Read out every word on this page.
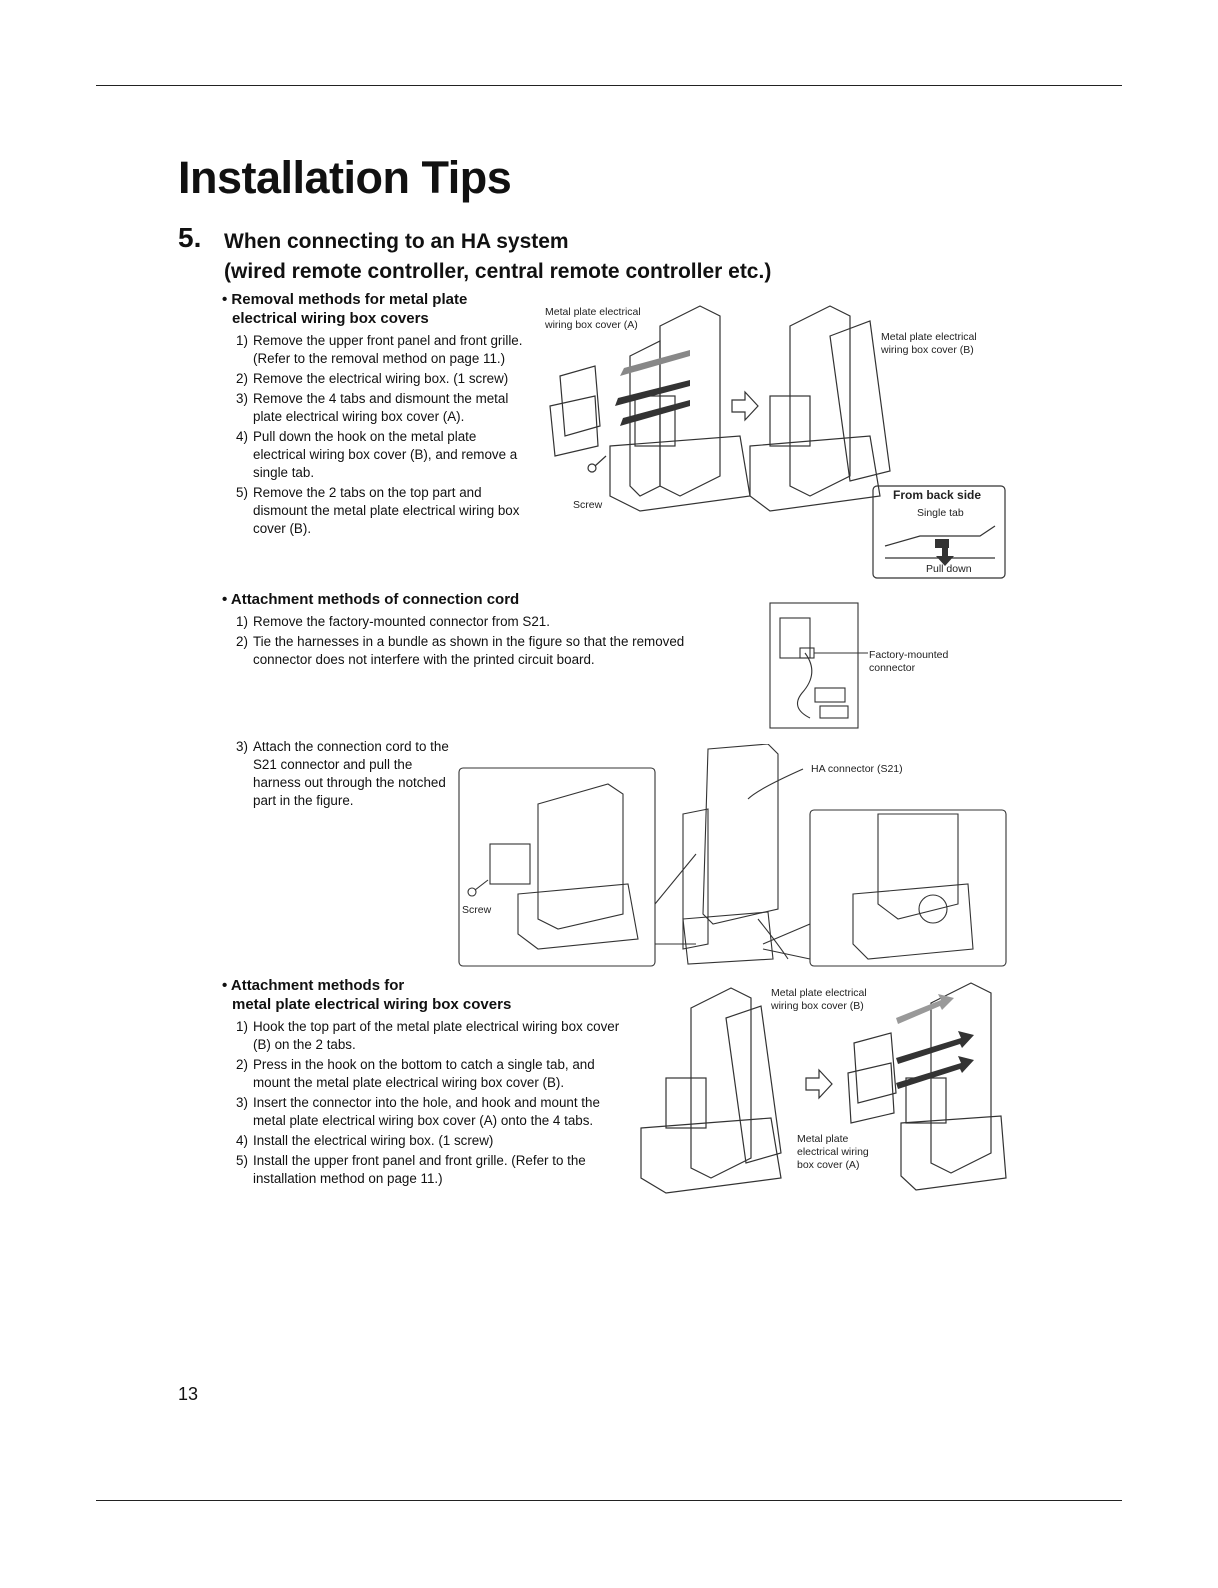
Installation Tips
5. When connecting to an HA system
(wired remote controller, central remote controller etc.)
• Removal methods for metal plate
electrical wiring box covers
1) Remove the upper front panel and front grille. (Refer to the removal method on page 11.)
2) Remove the electrical wiring box. (1 screw)
3) Remove the 4 tabs and dismount the metal plate electrical wiring box cover (A).
4) Pull down the hook on the metal plate electrical wiring box cover (B), and remove a single tab.
5) Remove the 2 tabs on the top part and dismount the metal plate electrical wiring box cover (B).
Metal plate electrical
wiring box cover (A)
Metal plate electrical
wiring box cover (B)
Screw
From back side
Single tab
Pull down
• Attachment methods of connection cord
1) Remove the factory-mounted connector from S21.
2) Tie the harnesses in a bundle as shown in the figure so that the removed connector does not interfere with the printed circuit board.	Factory-mounted
connector
3) Attach the connection cord to the S21 connector and pull the harness out through the notched part in the figure.
HA connector (S21)
Screw
• Attachment methods for
metal plate electrical wiring box covers
1) Hook the top part of the metal plate electrical wiring box cover (B) on the 2 tabs.
2) Press in the hook on the bottom to catch a single tab, and mount the metal plate electrical wiring box cover (B).
3) Insert the connector into the hole, and hook and mount the metal plate electrical wiring box cover (A) onto the 4 tabs.
4) Install the electrical wiring box. (1 screw)
5) Install the upper front panel and front grille. (Refer to the installation method on page 11.)
Metal plate electrical
wiring box cover (B)
Metal plate
electrical wiring
box cover (A)
13
